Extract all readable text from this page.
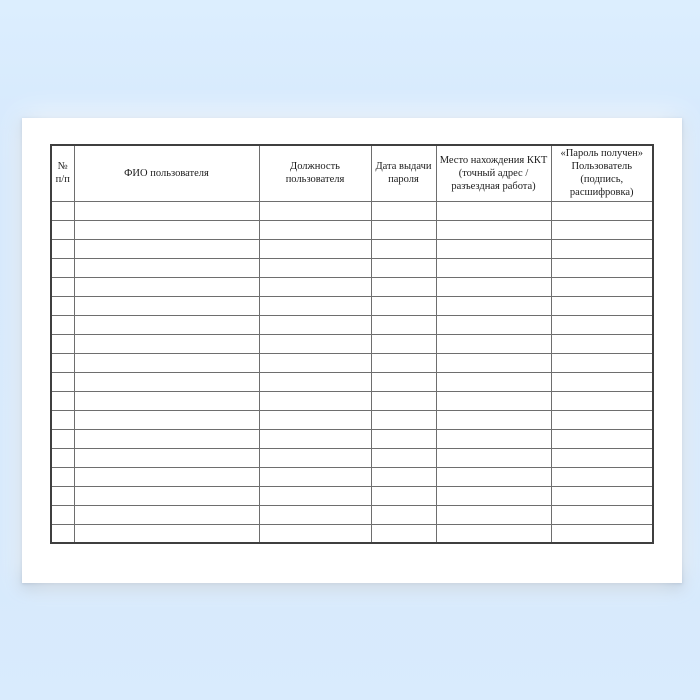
№ п/п	ФИО пользователя	Должность пользователя	Дата выдачи пароля	Место нахождения ККТ (точный адрес / разъездная работа)	«Пароль получен» Пользователь (подпись, расшифровка)
